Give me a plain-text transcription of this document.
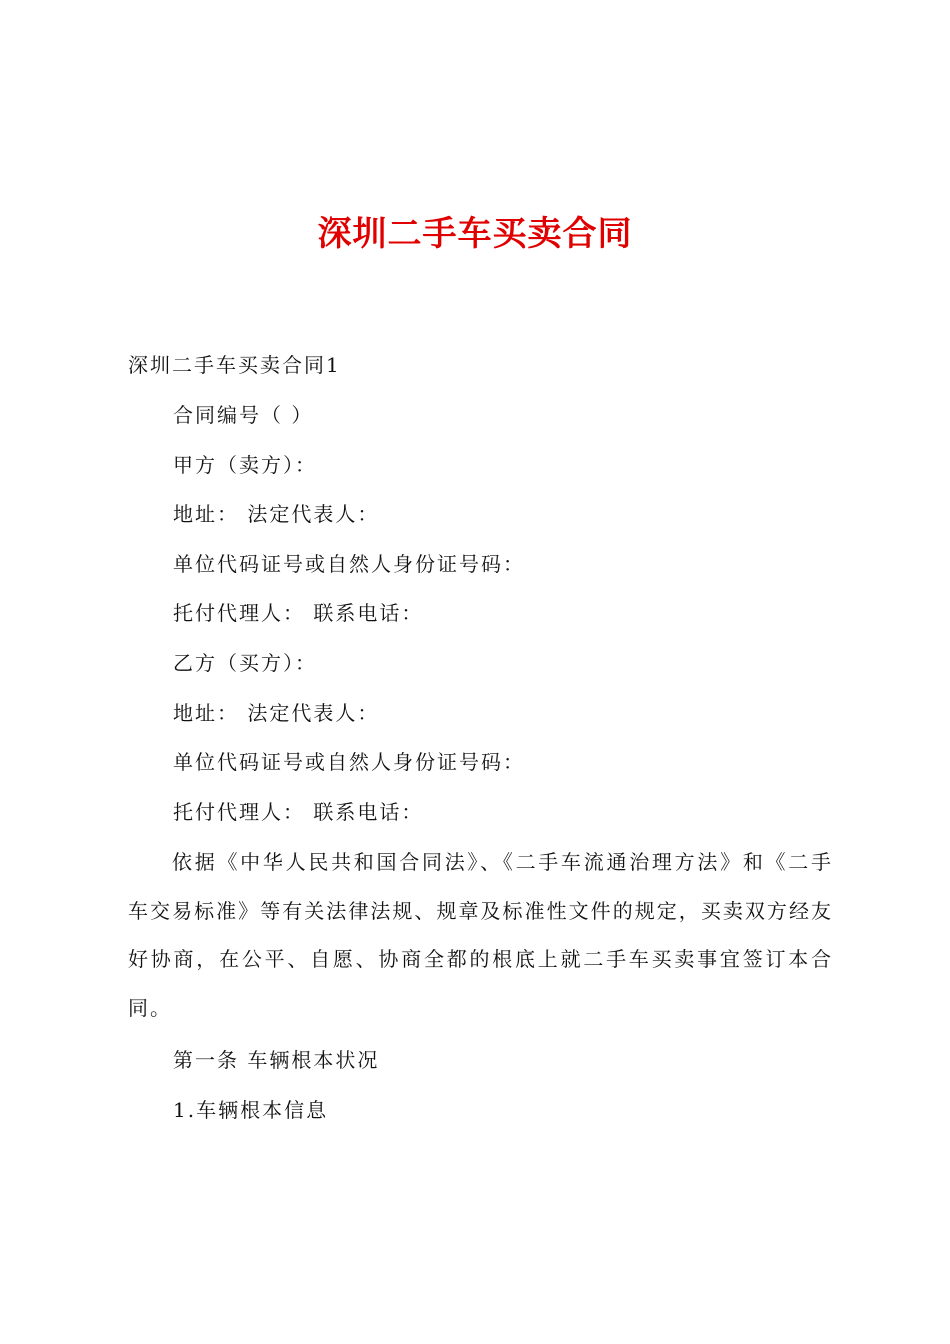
深圳二手车买卖合同
深圳二手车买卖合同1
合同编号（ ）
甲方（卖方）：
地址： 法定代表人：
单位代码证号或自然人身份证号码：
托付代理人： 联系电话：
乙方（买方）：
地址： 法定代表人：
单位代码证号或自然人身份证号码：
托付代理人： 联系电话：
依据《中华人民共和国合同法》、《二手车流通治理方法》和《二手车交易标准》等有关法律法规、规章及标准性文件的规定，买卖双方经友好协商，在公平、自愿、协商全都的根底上就二手车买卖事宜签订本合同。
第一条 车辆根本状况
1.车辆根本信息
